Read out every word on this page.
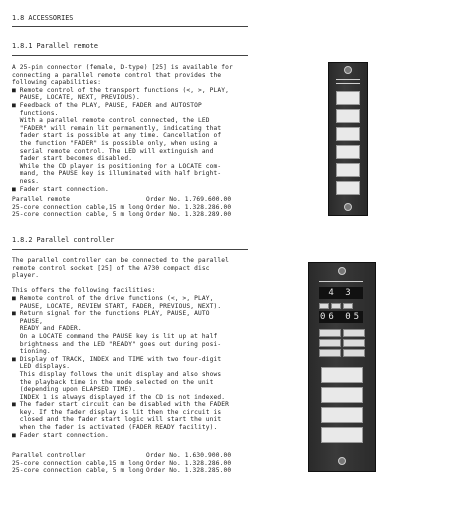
1.8 ACCESSORIES
1.8.1 Parallel remote
A 25-pin connector (female, D-type) [25] is available for
connecting a parallel remote control that provides the
following capabilities:
■ Remote control of the transport functions (<, >, PLAY,
PAUSE, LOCATE, NEXT, PREVIOUS).
■ Feedback of the PLAY, PAUSE, FADER and AUTOSTOP
functions.
With a parallel remote control connected, the LED
"FADER" will remain lit permanently, indicating that
fader start is possible at any time. Cancellation of
the function "FADER" is possible only, when using a
serial remote control. The LED will extinguish and
fader start becomes disabled.
While the CD player is positioning for a LOCATE com-
mand, the PAUSE key is illuminated with half bright-
ness.
■ Fader start connection.
Parallel remote	Order No. 1.769.600.00
25-core connection cable,15 m long Order No. 1.328.286.00
25-core connection cable, 5 m long Order No. 1.328.289.00
1.8.2 Parallel controller
The parallel controller can be connected to the parallel
remote control socket [25] of the A730 compact disc
player.

This offers the following facilities:
■ Remote control of the drive functions (<, >, PLAY,
PAUSE, LOCATE, REVIEW START, FADER, PREVIOUS, NEXT).
■ Return signal for the functions PLAY, PAUSE, AUTO
PAUSE,
READY and FADER.
On a LOCATE command the PAUSE key is lit up at half
brightness and the LED "READY" goes out during posi-
tioning.
■ Display of TRACK, INDEX and TIME with two four-digit
LED displays.
This display follows the unit display and also shows
the playback time in the mode selected on the unit
(depending upon ELAPSED TIME).
INDEX 1 is always displayed if the CD is not indexed.
■ The fader start circuit can be disabled with the FADER
key. If the fader display is lit then the circuit is
closed and the fader start logic will start the unit
when the fader is activated (FADER READY facility).
■ Fader start connection.
Parallel controller	Order No. 1.630.900.00
25-core connection cable,15 m long Order No. 1.328.286.00
25-core connection cable, 5 m long Order No. 1.328.285.00
4 3
06 05
